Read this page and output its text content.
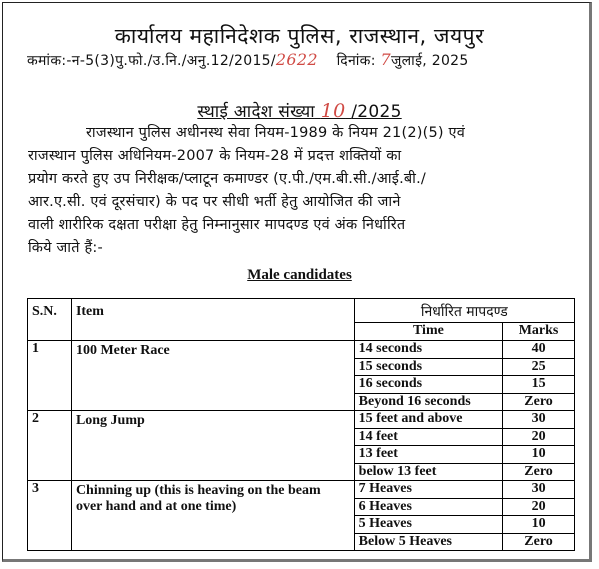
कार्यालय महानिदेशक पुलिस, राजस्थान, जयपुर
कमांक:-न-5(3)पु.फो./उ.नि./अनु.12/2015/2622 दिनांक: 7जुलाई, 2025
स्थाई आदेश संख्या 10 /2025
राजस्थान पुलिस अधीनस्थ सेवा नियम-1989 के नियम 21(2)(5) एवं
राजस्थान पुलिस अधिनियम-2007 के नियम-28 में प्रदत्त शक्तियों का
प्रयोग करते हुए उप निरीक्षक/प्लाटून कमाण्डर (ए.पी./एम.बी.सी./आई.बी./
आर.ए.सी. एवं दूरसंचार) के पद पर सीधी भर्ती हेतु आयोजित की जाने
वाली शारीरिक दक्षता परीक्षा हेतु निम्नानुसार मापदण्ड एवं अंक निर्धारित
किये जाते हैं:-
Male candidates
S.N.	Item	निर्धारित मापदण्ड	
		Time	Marks
1	100 Meter Race	14 seconds	40
		15 seconds	25
		16 seconds	15
		Beyond 16 seconds	Zero
2	Long Jump	15 feet and above	30
		14 feet	20
		13 feet	10
		below 13 feet	Zero
3	Chinning up (this is heaving on the beam over hand and at one time)	7 Heaves	30
		6 Heaves	20
		5 Heaves	10
		Below 5 Heaves	Zero
